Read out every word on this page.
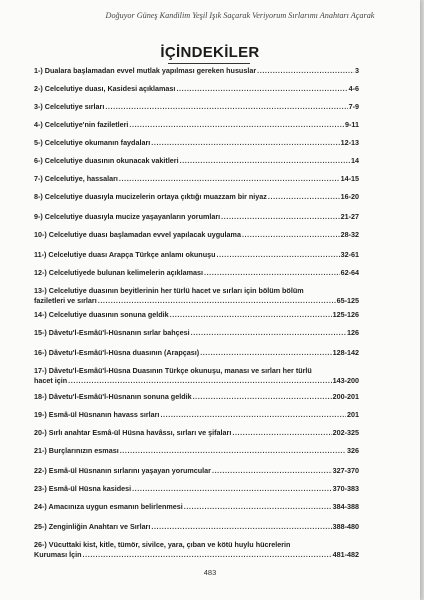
Doğuyor Güneş Kandilim Yeşil Işık Saçarak Veriyorum Sırlarımı Anahtarı Açarak
İÇİNDEKİLER
1-) Dualara başlamadan evvel mutlak yapılması gereken hususlar .....	3
2-) Celcelutiye duası, Kasidesi açıklaması .....	4-6
3-) Celcelutiye sırları .....	7-9
4-) Celcelutiye'nin faziletleri .....	9-11
5-) Celcelutiye okumanın faydaları .....	12-13
6-) Celcelutiye duasının okunacak vakitleri .....	14
7-) Celcelutiye, hassaları .....	14-15
8-) Celcelutiye duasıyla mucizelerin ortaya çıktığı muazzam bir niyaz .....	16-20
9-) Celcelutiye duasıyla mucize yaşayanların yorumları .....	21-27
10-) Celcelutiye duası başlamadan evvel yapılacak uygulama .....	28-32
11-) Celcelutiye duası Arapça Türkçe anlamı okunuşu .....	32-61
12-) Celcelutiyede bulunan kelimelerin açıklaması .....	62-64
13-) Celcelutiye duasının beyitlerinin her türlü hacet ve sırları için bölüm bölüm
faziletleri ve sırları .....	65-125
14-) Celcelutiye duasının sonuna geldik .....	125-126
15-) Dâvetu'l-Esmâü'l-Hüsnanın sırlar bahçesi .....	126
16-) Dâvetu'l-Esmâü'l-Hüsna duasının (Arapçası) .....	128-142
17-) Dâvetu'l-Esmâü'l-Hüsna Duasının Türkçe okunuşu, manası ve sırları her türlü
hacet için .....	143-200
18-) Dâvetu'l-Esmâü'l-Hüsnanın sonuna geldik .....	200-201
19-) Esmâ-ül Hüsnanın havass sırları .....	201
20-) Sırlı anahtar Esmâ-ül Hüsna havâssı, sırları ve şifaları .....	202-325
21-) Burçlarınızın esması .....	326
22-) Esmâ-ül Hüsnanın sırlarını yaşayan yorumcular .....	327-370
23-) Esmâ-ül Hüsna kasidesi .....	370-383
24-) Amacınıza uygun esmanın belirlenmesi .....	384-388
25-) Zenginliğin Anahtarı ve Sırları .....	388-480
26-) Vücuttaki kist, kitle, tümör, sivilce, yara, çıban ve kötü huylu hücrelerin
Kuruması İçin .....	481-482
483
